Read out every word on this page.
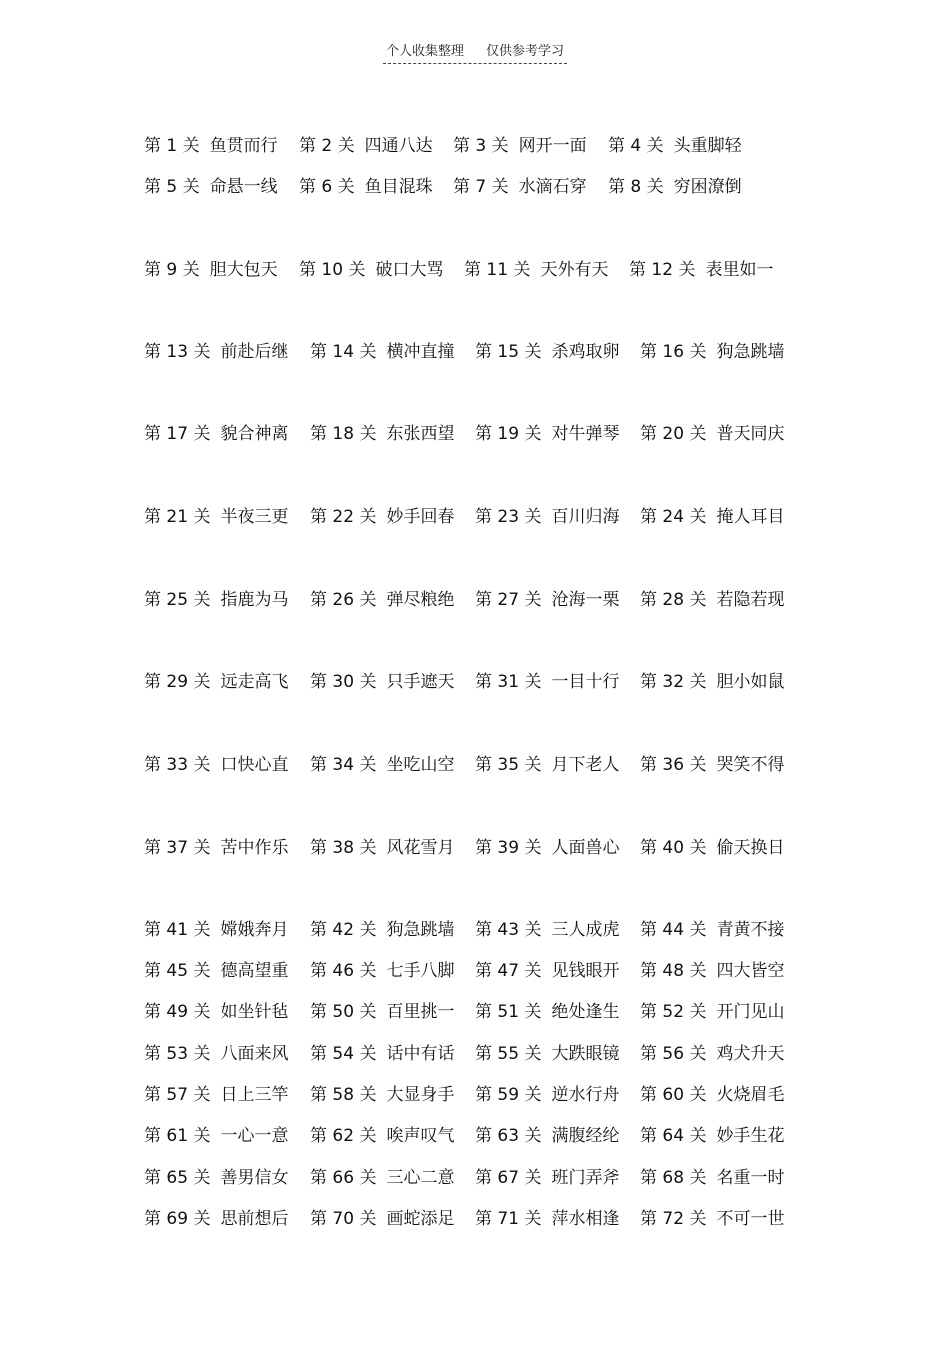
个人收集整理 仅供参考学习
第 1 关 鱼贯而行 第 2 关 四通八达 第 3 关 网开一面 第 4 关 头重脚轻
第 5 关 命悬一线 第 6 关 鱼目混珠 第 7 关 水滴石穿 第 8 关 穷困潦倒
第 9 关 胆大包天 第 10 关 破口大骂 第 11 关 天外有天 第 12 关 表里如一
第 13 关 前赴后继 第 14 关 横冲直撞 第 15 关 杀鸡取卵 第 16 关 狗急跳墙
第 17 关 貌合神离 第 18 关 东张西望 第 19 关 对牛弹琴 第 20 关 普天同庆
第 21 关 半夜三更 第 22 关 妙手回春 第 23 关 百川归海 第 24 关 掩人耳目
第 25 关 指鹿为马 第 26 关 弹尽粮绝 第 27 关 沧海一栗 第 28 关 若隐若现
第 29 关 远走高飞 第 30 关 只手遮天 第 31 关 一目十行 第 32 关 胆小如鼠
第 33 关 口快心直 第 34 关 坐吃山空 第 35 关 月下老人 第 36 关 哭笑不得
第 37 关 苦中作乐 第 38 关 风花雪月 第 39 关 人面兽心 第 40 关 偷天换日
第 41 关 嫦娥奔月 第 42 关 狗急跳墙 第 43 关 三人成虎 第 44 关 青黄不接
第 45 关 德高望重 第 46 关 七手八脚 第 47 关 见钱眼开 第 48 关 四大皆空
第 49 关 如坐针毡 第 50 关 百里挑一 第 51 关 绝处逢生 第 52 关 开门见山
第 53 关 八面来风 第 54 关 话中有话 第 55 关 大跌眼镜 第 56 关 鸡犬升天
第 57 关 日上三竿 第 58 关 大显身手 第 59 关 逆水行舟 第 60 关 火烧眉毛
第 61 关 一心一意 第 62 关 唉声叹气 第 63 关 满腹经纶 第 64 关 妙手生花
第 65 关 善男信女 第 66 关 三心二意 第 67 关 班门弄斧 第 68 关 名重一时
第 69 关 思前想后 第 70 关 画蛇添足 第 71 关 萍水相逢 第 72 关 不可一世
